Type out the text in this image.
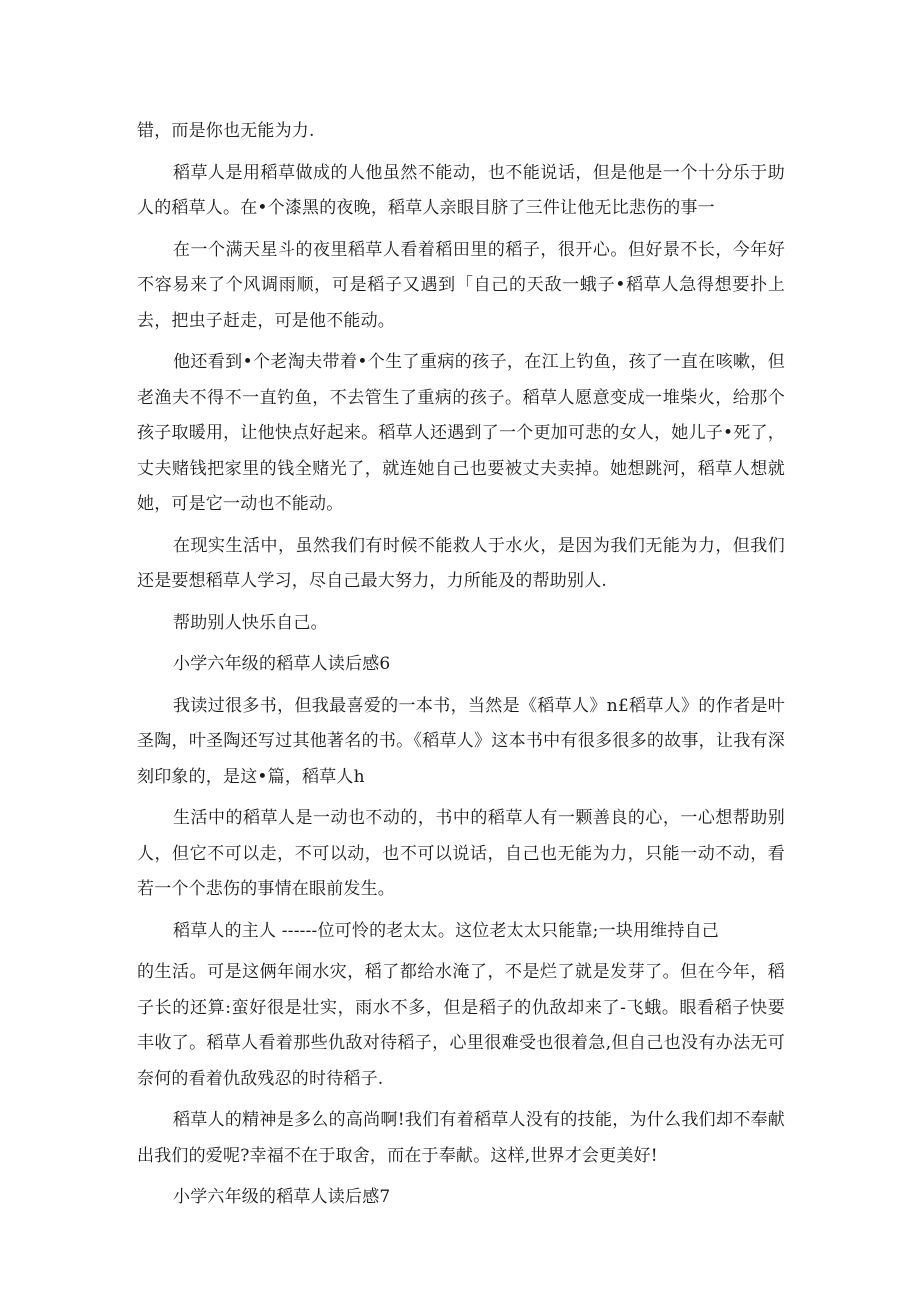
错，而是你也无能为力.

稻草人是用稻草做成的人他虽然不能动，也不能说话，但是他是一个十分乐于助人的稻草人。在•个漆黑的夜晚，稻草人亲眼目脐了三件让他无比悲伤的事一

在一个满天星斗的夜里稻草人看着稻田里的稻子，很开心。但好景不长，今年好不容易来了个风调雨顺，可是稻子又遇到「自己的天敌一蛾子•稻草人急得想要扑上去，把虫子赶走，可是他不能动。

他还看到•个老淘夫带着•个生了重病的孩子，在江上钓鱼，孩了一直在咳嗽，但老渔夫不得不一直钓鱼，不去管生了重病的孩子。稻草人愿意变成一堆柴火，给那个孩子取暖用，让他快点好起来。稻草人还遇到了一个更加可悲的女人，她儿子•死了，丈夫赌钱把家里的钱全赌光了，就连她自己也要被丈夫卖掉。她想跳河，稻草人想就她，可是它一动也不能动。

在现实生活中，虽然我们有时候不能救人于水火，是因为我们无能为力，但我们还是要想稻草人学习，尽自己最大努力，力所能及的帮助别人.

帮助别人快乐自己。

小学六年级的稻草人读后感6

我读过很多书，但我最喜爱的一本书，当然是《稻草人》n£稻草人》的作者是叶圣陶，叶圣陶还写过其他著名的书。《稻草人》这本书中有很多很多的故事，让我有深刻印象的，是这•篇，稻草人h

生活中的稻草人是一动也不动的，书中的稻草人有一颗善良的心，一心想帮助别人，但它不可以走，不可以动，也不可以说话，自己也无能为力，只能一动不动，看若一个个悲伤的事情在眼前发生。

稻草人的主人 ------位可怜的老太太。这位老太太只能靠;一块用维持自己

的生活。可是这俩年闹水灾，稻了都给水淹了，不是烂了就是发芽了。但在今年，稻子长的还算:蛮好很是壮实，雨水不多，但是稻子的仇敌却来了-飞蛾。眼看稻子快要丰收了。稻草人看着那些仇敌对待稻子，心里很难受也很着急,但自己也没有办法无可奈何的看着仇敌残忍的时待稻子.

稻草人的精神是多么的高尚啊!我们有着稻草人没有的技能，为什么我们却不奉献出我们的爱呢?幸福不在于取舍，而在于奉献。这样,世界才会更美好!

小学六年级的稻草人读后感7
